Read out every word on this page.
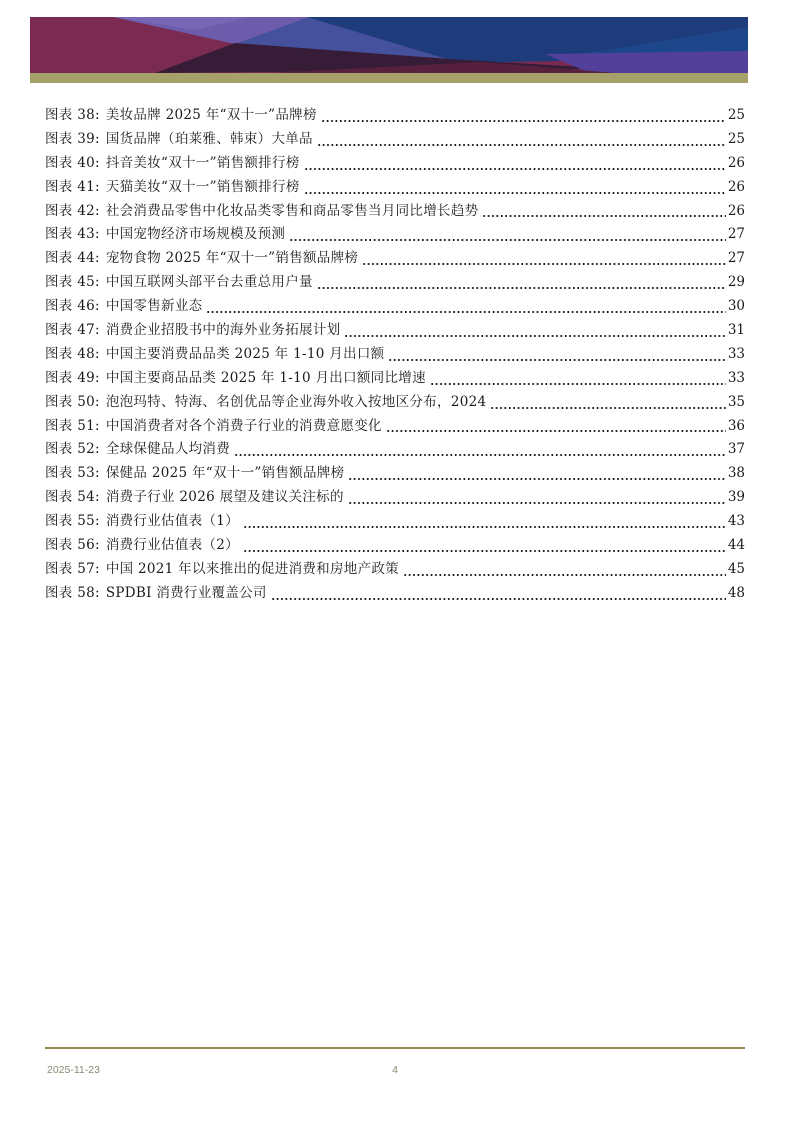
图表 38: 美妆品牌 2025 年“双十一”品牌榜	25
图表 39: 国货品牌（珀莱雅、韩束）大单品	25
图表 40: 抖音美妆“双十一”销售额排行榜	26
图表 41: 天猫美妆“双十一”销售额排行榜	26
图表 42: 社会消费品零售中化妆品类零售和商品零售当月同比增长趋势	26
图表 43: 中国宠物经济市场规模及预测	27
图表 44: 宠物食物 2025 年“双十一”销售额品牌榜	27
图表 45: 中国互联网头部平台去重总用户量	29
图表 46: 中国零售新业态	30
图表 47: 消费企业招股书中的海外业务拓展计划	31
图表 48: 中国主要消费品品类 2025 年 1-10 月出口额	33
图表 49: 中国主要商品品类 2025 年 1-10 月出口额同比增速	33
图表 50: 泡泡玛特、特海、名创优品等企业海外收入按地区分布，2024	35
图表 51: 中国消费者对各个消费子行业的消费意愿变化	36
图表 52: 全球保健品人均消费	37
图表 53: 保健品 2025 年“双十一”销售额品牌榜	38
图表 54: 消费子行业 2026 展望及建议关注标的	39
图表 55: 消费行业估值表（1）	43
图表 56: 消费行业估值表（2）	44
图表 57: 中国 2021 年以来推出的促进消费和房地产政策	45
图表 58: SPDBI 消费行业覆盖公司	48
2025-11-23	4
